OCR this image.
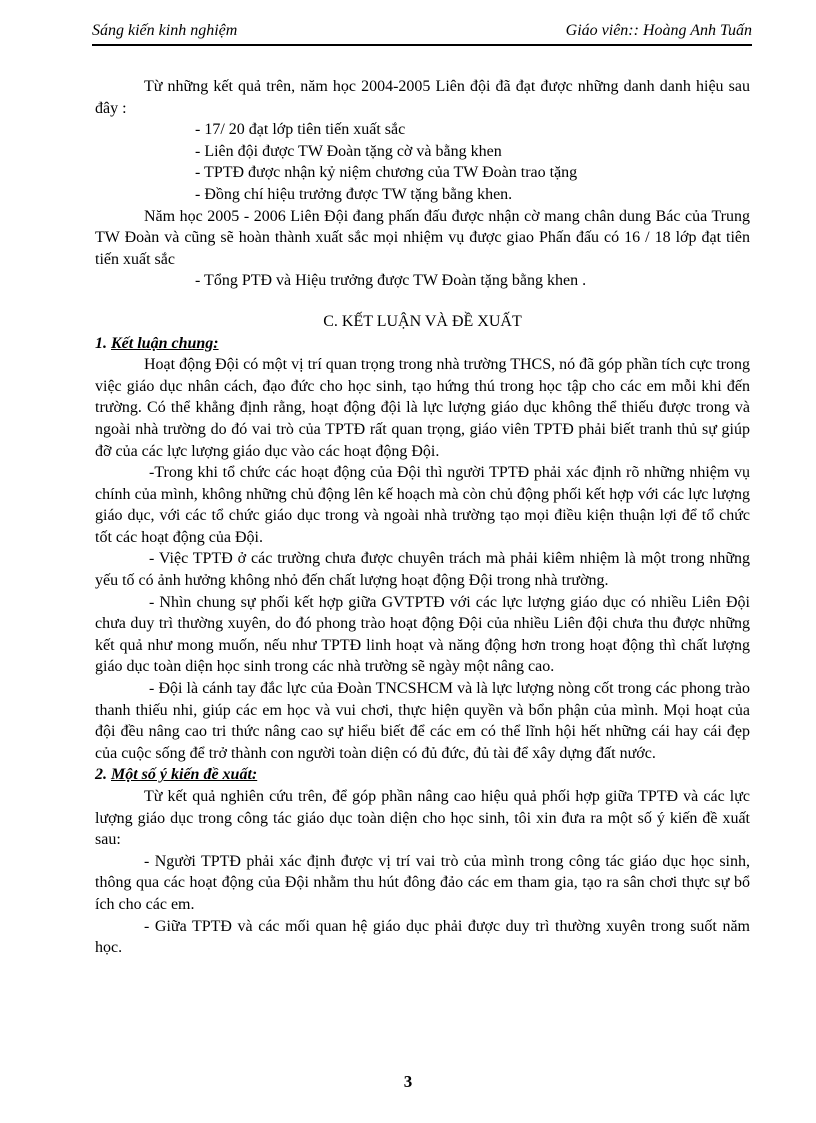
Sáng kiến kinh nghiệm	Giáo viên:: Hoàng Anh Tuấn

Từ những kết quả trên, năm học 2004-2005 Liên đội đã đạt được những danh danh hiệu sau đây :

- 17/ 20 đạt lớp tiên tiến xuất sắc

- Liên đội được TW Đoàn tặng cờ và bằng khen

- TPTĐ được nhận kỷ niệm chương của TW Đoàn trao tặng

- Đồng chí hiệu trưởng được TW tặng bằng khen.

Năm học 2005 - 2006 Liên Đội đang phấn đấu được nhận cờ mang chân dung Bác của Trung TW Đoàn và cũng sẽ hoàn thành xuất sắc mọi nhiệm vụ được giao Phấn đấu có 16 / 18 lớp đạt tiên tiến xuất sắc

- Tổng PTĐ và Hiệu trưởng được TW Đoàn tặng bằng khen .

C. KẾT LUẬN VÀ ĐỀ XUẤT

1. Kết luận chung:

Hoạt động Đội có một vị trí quan trọng trong nhà trường THCS, nó đã góp phần tích cực trong việc giáo dục nhân cách, đạo đức cho học sinh, tạo hứng thú trong học tập cho các em mỗi khi đến trường. Có thể khẳng định rằng, hoạt động đội là lực lượng giáo dục không thể thiếu được trong và ngoài nhà trường do đó vai trò của TPTĐ rất quan trọng, giáo viên TPTĐ phải biết tranh thủ sự giúp đỡ của các lực lượng giáo dục vào các hoạt động Đội.

-Trong khi tổ chức các hoạt động của Đội thì người TPTĐ phải xác định rõ những nhiệm vụ chính của mình, không những chủ động lên kế hoạch mà còn chủ động phối kết hợp với các lực lượng giáo dục, với các tổ chức giáo dục trong và ngoài nhà trường tạo mọi điều kiện thuận lợi để tổ chức tốt các hoạt động của Đội.

- Việc TPTĐ ở các trường chưa được chuyên trách mà phải kiêm nhiệm là một trong những yếu tố có ảnh hưởng không nhỏ đến chất lượng hoạt động Đội trong nhà trường.

- Nhìn chung sự phối kết hợp giữa GVTPTĐ với các lực lượng giáo dục có nhiều Liên Đội chưa duy trì thường xuyên, do đó phong trào hoạt động Đội của nhiều Liên đội chưa thu được những kết quả như mong muốn, nếu như TPTĐ linh hoạt và năng động hơn trong hoạt động thì chất lượng giáo dục toàn diện học sinh trong các nhà trường sẽ ngày một nâng cao.

- Đội là cánh tay đắc lực của Đoàn TNCSHCM và là lực lượng nòng cốt trong các phong trào thanh thiếu nhi, giúp các em học và vui chơi, thực hiện quyền và bổn phận của mình. Mọi hoạt của đội đều nâng cao tri thức nâng cao sự hiểu biết để các em có thể lĩnh hội hết những cái hay cái đẹp của cuộc sống để trở thành con người toàn diện có đủ đức, đủ tài để xây dựng đất nước.

2. Một số ý kiến đề xuất:

Từ kết quả nghiên cứu trên, để góp phần nâng cao hiệu quả phối hợp giữa TPTĐ và các lực lượng giáo dục trong công tác giáo dục toàn diện cho học sinh, tôi xin đưa ra một số ý kiến đề xuất sau:

- Người TPTĐ phải xác định được vị trí vai trò của mình trong công tác giáo dục học sinh, thông qua các hoạt động của Đội nhằm thu hút đông đảo các em tham gia, tạo ra sân chơi thực sự bổ ích cho các em.

- Giữa TPTĐ và các mối quan hệ giáo dục phải được duy trì thường xuyên trong suốt năm học.

3
